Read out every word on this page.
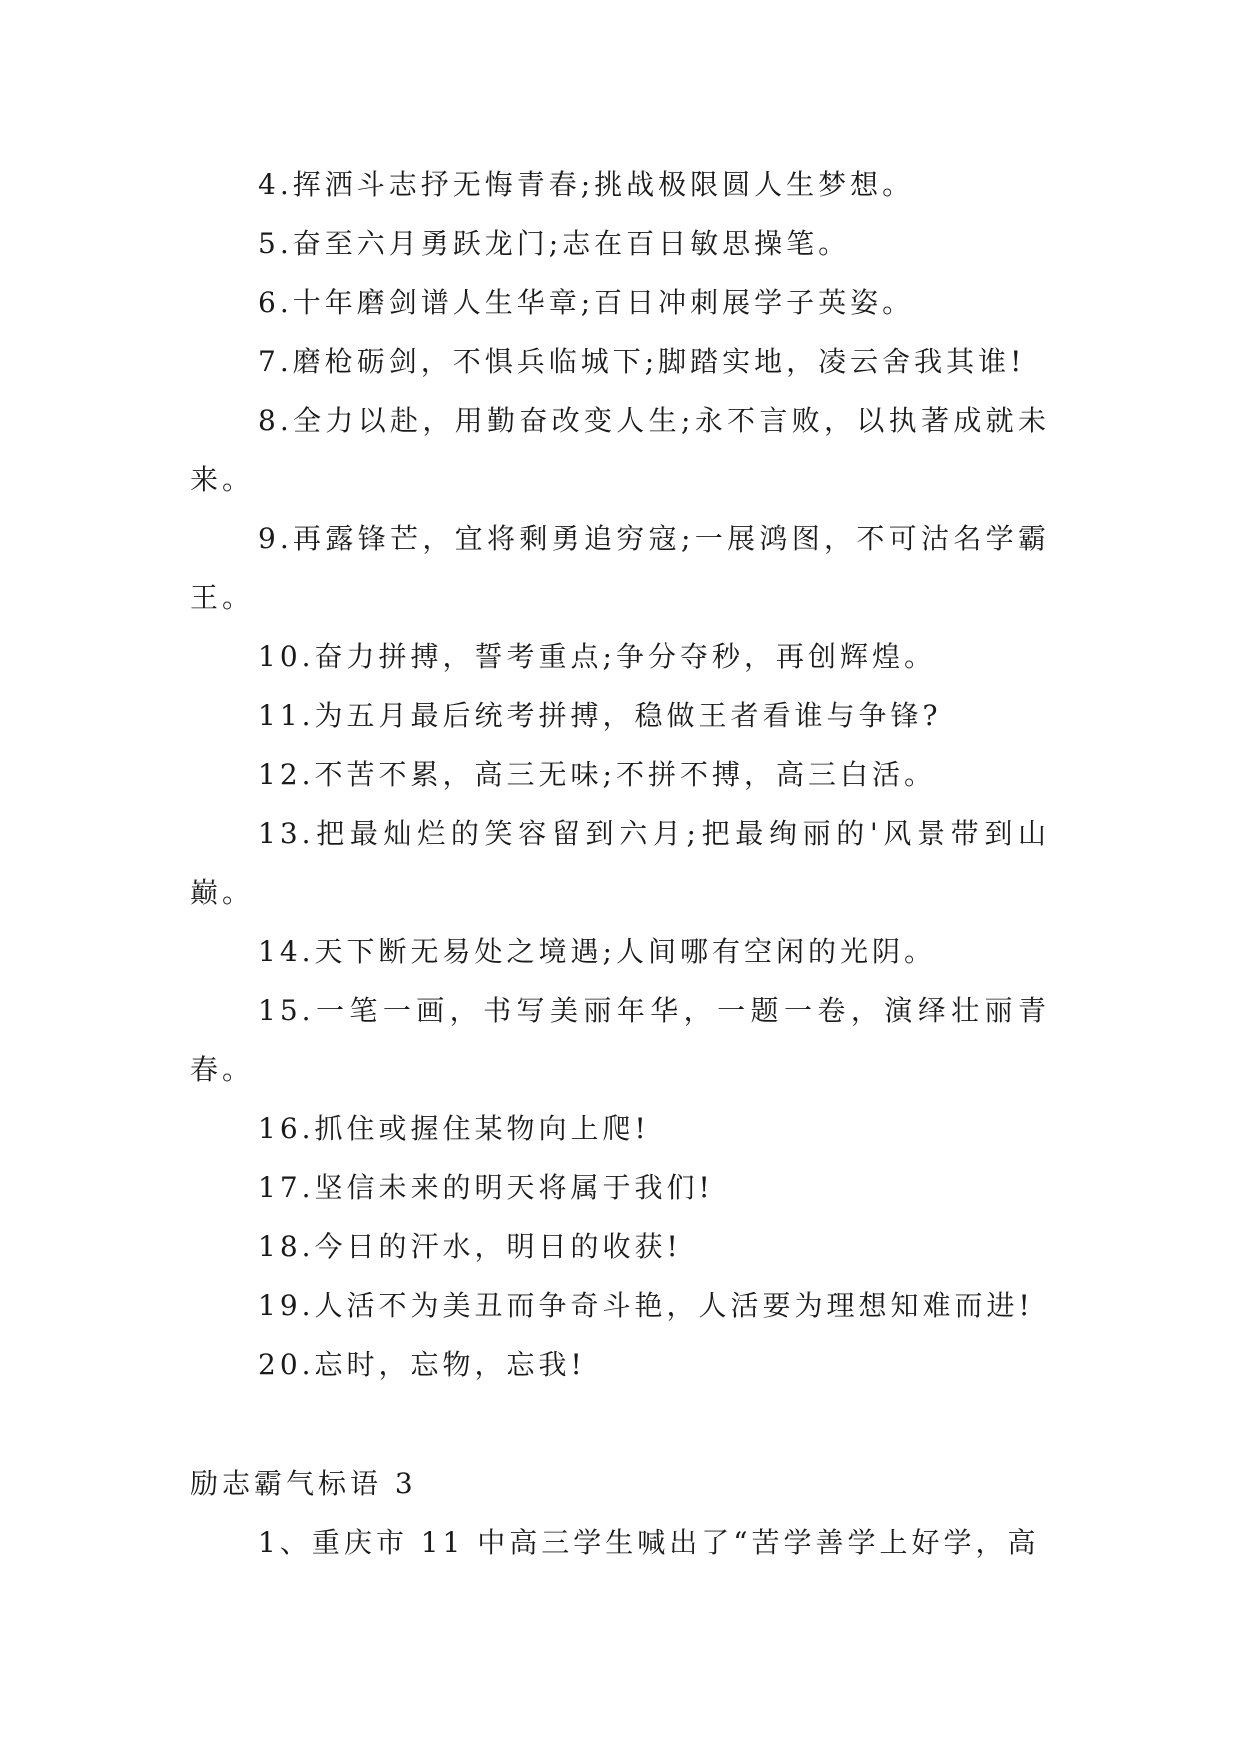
4.挥洒斗志抒无悔青春;挑战极限圆人生梦想。

5.奋至六月勇跃龙门;志在百日敏思操笔。

6.十年磨剑谱人生华章;百日冲刺展学子英姿。

7.磨枪砺剑，不惧兵临城下;脚踏实地，凌云舍我其谁!

8.全力以赴，用勤奋改变人生;永不言败，以执著成就未来。

9.再露锋芒，宜将剩勇追穷寇;一展鸿图，不可沽名学霸王。

10.奋力拼搏，誓考重点;争分夺秒，再创辉煌。

11.为五月最后统考拼搏，稳做王者看谁与争锋?

12.不苦不累，高三无味;不拼不搏，高三白活。

13.把最灿烂的笑容留到六月;把最绚丽的'风景带到山巅。

14.天下断无易处之境遇;人间哪有空闲的光阴。

15.一笔一画，书写美丽年华，一题一卷，演绎壮丽青春。

16.抓住或握住某物向上爬!

17.坚信未来的明天将属于我们!

18.今日的汗水，明日的收获!

19.人活不为美丑而争奇斗艳，人活要为理想知难而进!

20.忘时，忘物，忘我!

励志霸气标语 3

1、重庆市 11 中高三学生喊出了“苦学善学上好学，高
